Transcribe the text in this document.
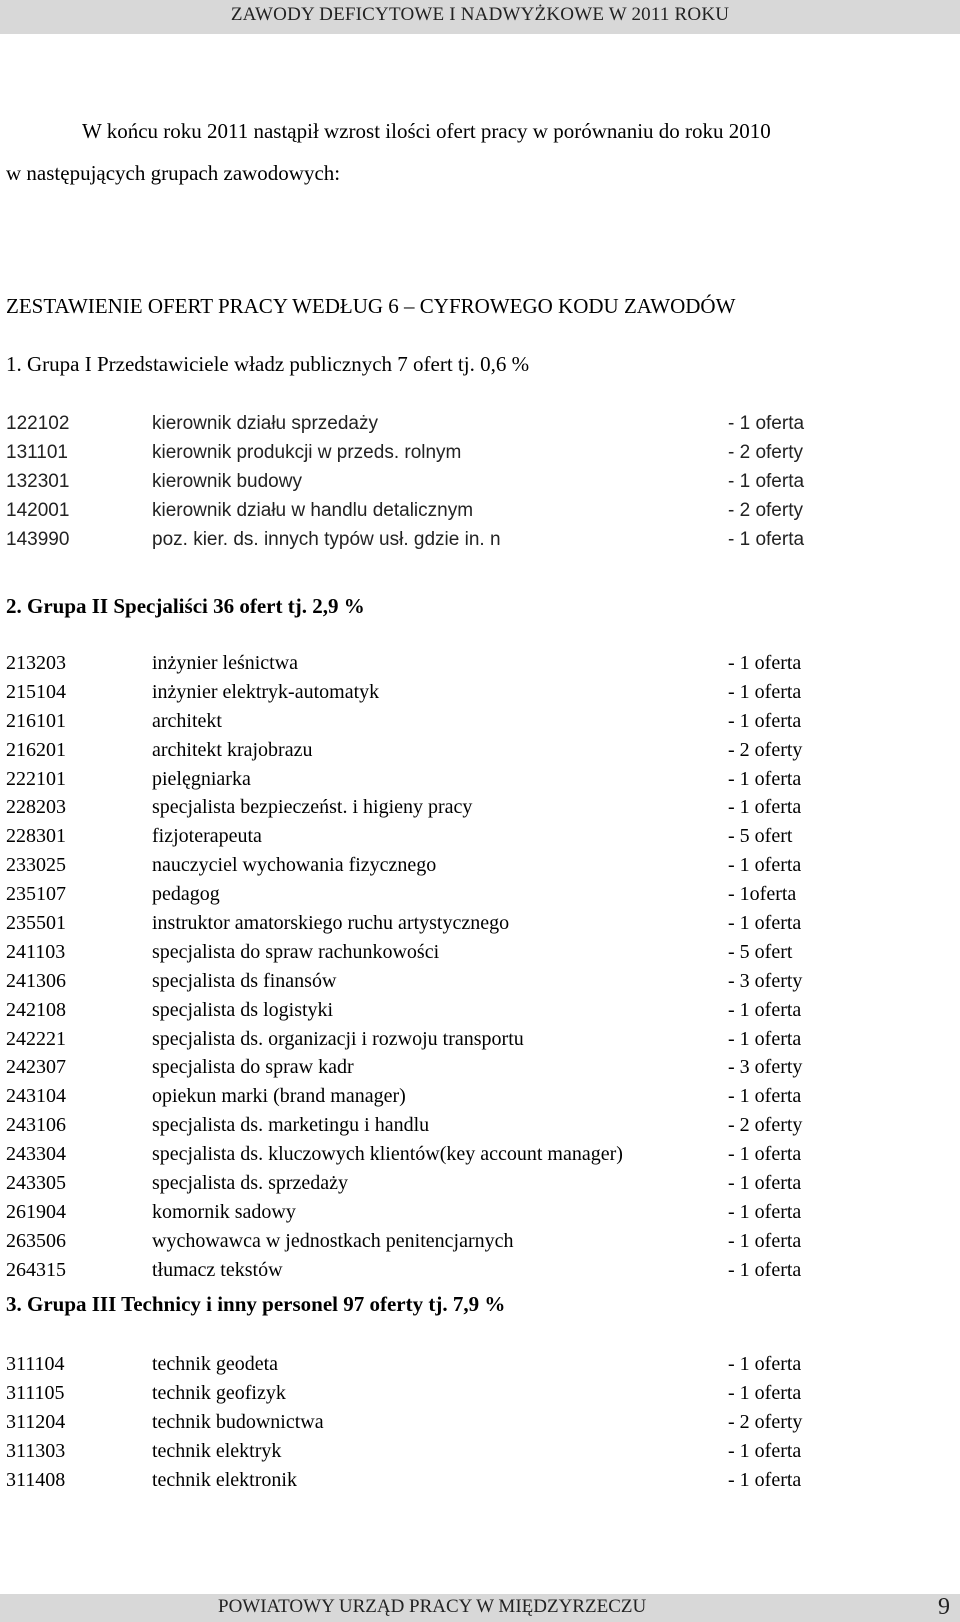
ZAWODY DEFICYTOWE I NADWYŻKOWE W 2011 ROKU
W końcu roku 2011 nastąpił wzrost ilości ofert pracy w porównaniu do roku 2010
w następujących grupach zawodowych:
ZESTAWIENIE OFERT PRACY WEDŁUG 6 – CYFROWEGO KODU ZAWODÓW
1. Grupa I Przedstawiciele władz publicznych 7 ofert tj. 0,6 %
122102	kierownik działu sprzedaży	- 1 oferta
131101	kierownik produkcji w przeds. rolnym	- 2 oferty
132301	kierownik budowy	- 1 oferta
142001	kierownik działu w handlu detalicznym	- 2 oferty
143990	poz. kier. ds. innych typów usł. gdzie in. n	- 1 oferta
2. Grupa II Specjaliści 36 ofert tj. 2,9 %
213203	inżynier leśnictwa	- 1 oferta
215104	inżynier elektryk-automatyk	- 1 oferta
216101	architekt	- 1 oferta
216201	architekt krajobrazu	- 2 oferty
222101	pielęgniarka	- 1 oferta
228203	specjalista bezpieczeńst. i higieny pracy	- 1 oferta
228301	fizjoterapeuta	- 5 ofert
233025	nauczyciel wychowania fizycznego	- 1 oferta
235107	pedagog	- 1oferta
235501	instruktor amatorskiego ruchu artystycznego	- 1 oferta
241103	specjalista do spraw rachunkowości	- 5 ofert
241306	specjalista ds finansów	- 3 oferty
242108	specjalista ds logistyki	- 1 oferta
242221	specjalista ds. organizacji i rozwoju transportu	- 1 oferta
242307	specjalista do spraw kadr	- 3 oferty
243104	opiekun marki (brand manager)	- 1 oferta
243106	specjalista ds. marketingu i handlu	- 2 oferty
243304	specjalista ds. kluczowych klientów(key account manager)	- 1 oferta
243305	specjalista ds. sprzedaży	- 1 oferta
261904	komornik sadowy	- 1 oferta
263506	wychowawca w jednostkach penitencjarnych	- 1 oferta
264315	tłumacz tekstów	- 1 oferta
3. Grupa III Technicy i inny personel 97 oferty tj. 7,9 %
311104	technik geodeta	- 1 oferta
311105	technik geofizyk	- 1 oferta
311204	technik budownictwa	- 2 oferty
311303	technik elektryk	- 1 oferta
311408	technik elektronik	- 1 oferta
POWIATOWY URZĄD PRACY W MIĘDZYRZECZU	9
